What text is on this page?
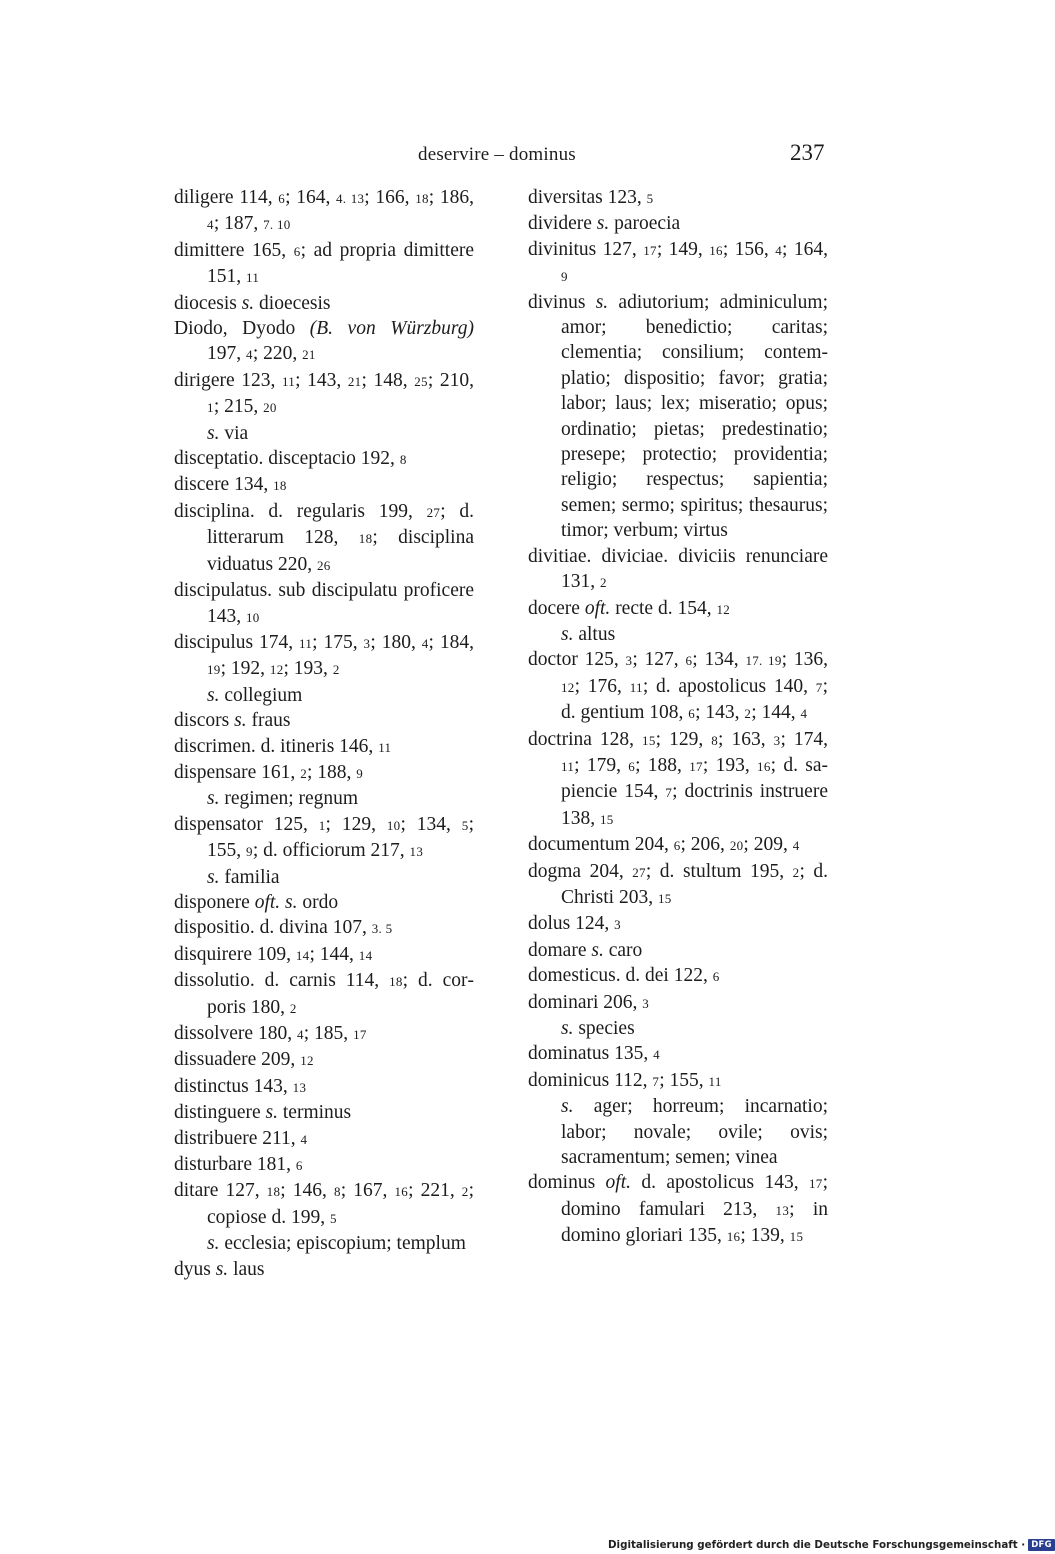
deservire – dominus	237
diligere 114, 6; 164, 4. 13; 166, 18; 186, 4; 187, 7. 10
dimittere 165, 6; ad propria dimittere 151, 11
diocesis s. dioecesis
Diodo, Dyodo (B. von Würzburg) 197, 4; 220, 21
dirigere 123, 11; 143, 21; 148, 25; 210, 1; 215, 20
s. via
disceptatio. disceptacio 192, 8
discere 134, 18
disciplina. d. regularis 199, 27; d. litterarum 128, 18; disciplina viduatus 220, 26
discipulatus. sub discipulatu proficere 143, 10
discipulus 174, 11; 175, 3; 180, 4; 184, 19; 192, 12; 193, 2
s. collegium
discors s. fraus
discrimen. d. itineris 146, 11
dispensare 161, 2; 188, 9
s. regimen; regnum
dispensator 125, 1; 129, 10; 134, 5; 155, 9; d. officiorum 217, 13
s. familia
disponere oft. s. ordo
dispositio. d. divina 107, 3. 5
disquirere 109, 14; 144, 14
dissolutio. d. carnis 114, 18; d. corporis 180, 2
dissolvere 180, 4; 185, 17
dissuadere 209, 12
distinctus 143, 13
distinguere s. terminus
distribuere 211, 4
disturbare 181, 6
ditare 127, 18; 146, 8; 167, 16; 221, 2; copiose d. 199, 5
s. ecclesia; episcopium; templum
dyus s. laus
diversitas 123, 5
dividere s. paroecia
divinitus 127, 17; 149, 16; 156, 4; 164, 9
divinus s. adiutorium; adminiculum; amor; benedictio; caritas; clementia; consilium; contemplatio; dispositio; favor; gratia; labor; laus; lex; miseratio; opus; ordinatio; pietas; predestinatio; presepe; protectio; providentia; religio; respectus; sapientia; semen; sermo; spiritus; thesaurus; timor; verbum; virtus
divitiae. diviciae. diviciis renunciare 131, 2
docere oft. recte d. 154, 12
s. altus
doctor 125, 3; 127, 6; 134, 17. 19; 136, 12; 176, 11; d. apostolicus 140, 7; d. gentium 108, 6; 143, 2; 144, 4
doctrina 128, 15; 129, 8; 163, 3; 174, 11; 179, 6; 188, 17; 193, 16; d. sapiencie 154, 7; doctrinis instruere 138, 15
documentum 204, 6; 206, 20; 209, 4
dogma 204, 27; d. stultum 195, 2; d. Christi 203, 15
dolus 124, 3
domare s. caro
domesticus. d. dei 122, 6
dominari 206, 3
s. species
dominatus 135, 4
dominicus 112, 7; 155, 11
s. ager; horreum; incarnatio; labor; novale; ovile; ovis; sacramentum; semen; vinea
dominus oft. d. apostolicus 143, 17; domino famulari 213, 13; in domino gloriari 135, 16; 139, 15
Digitalisierung gefördert durch die Deutsche Forschungsgemeinschaft · DFG
